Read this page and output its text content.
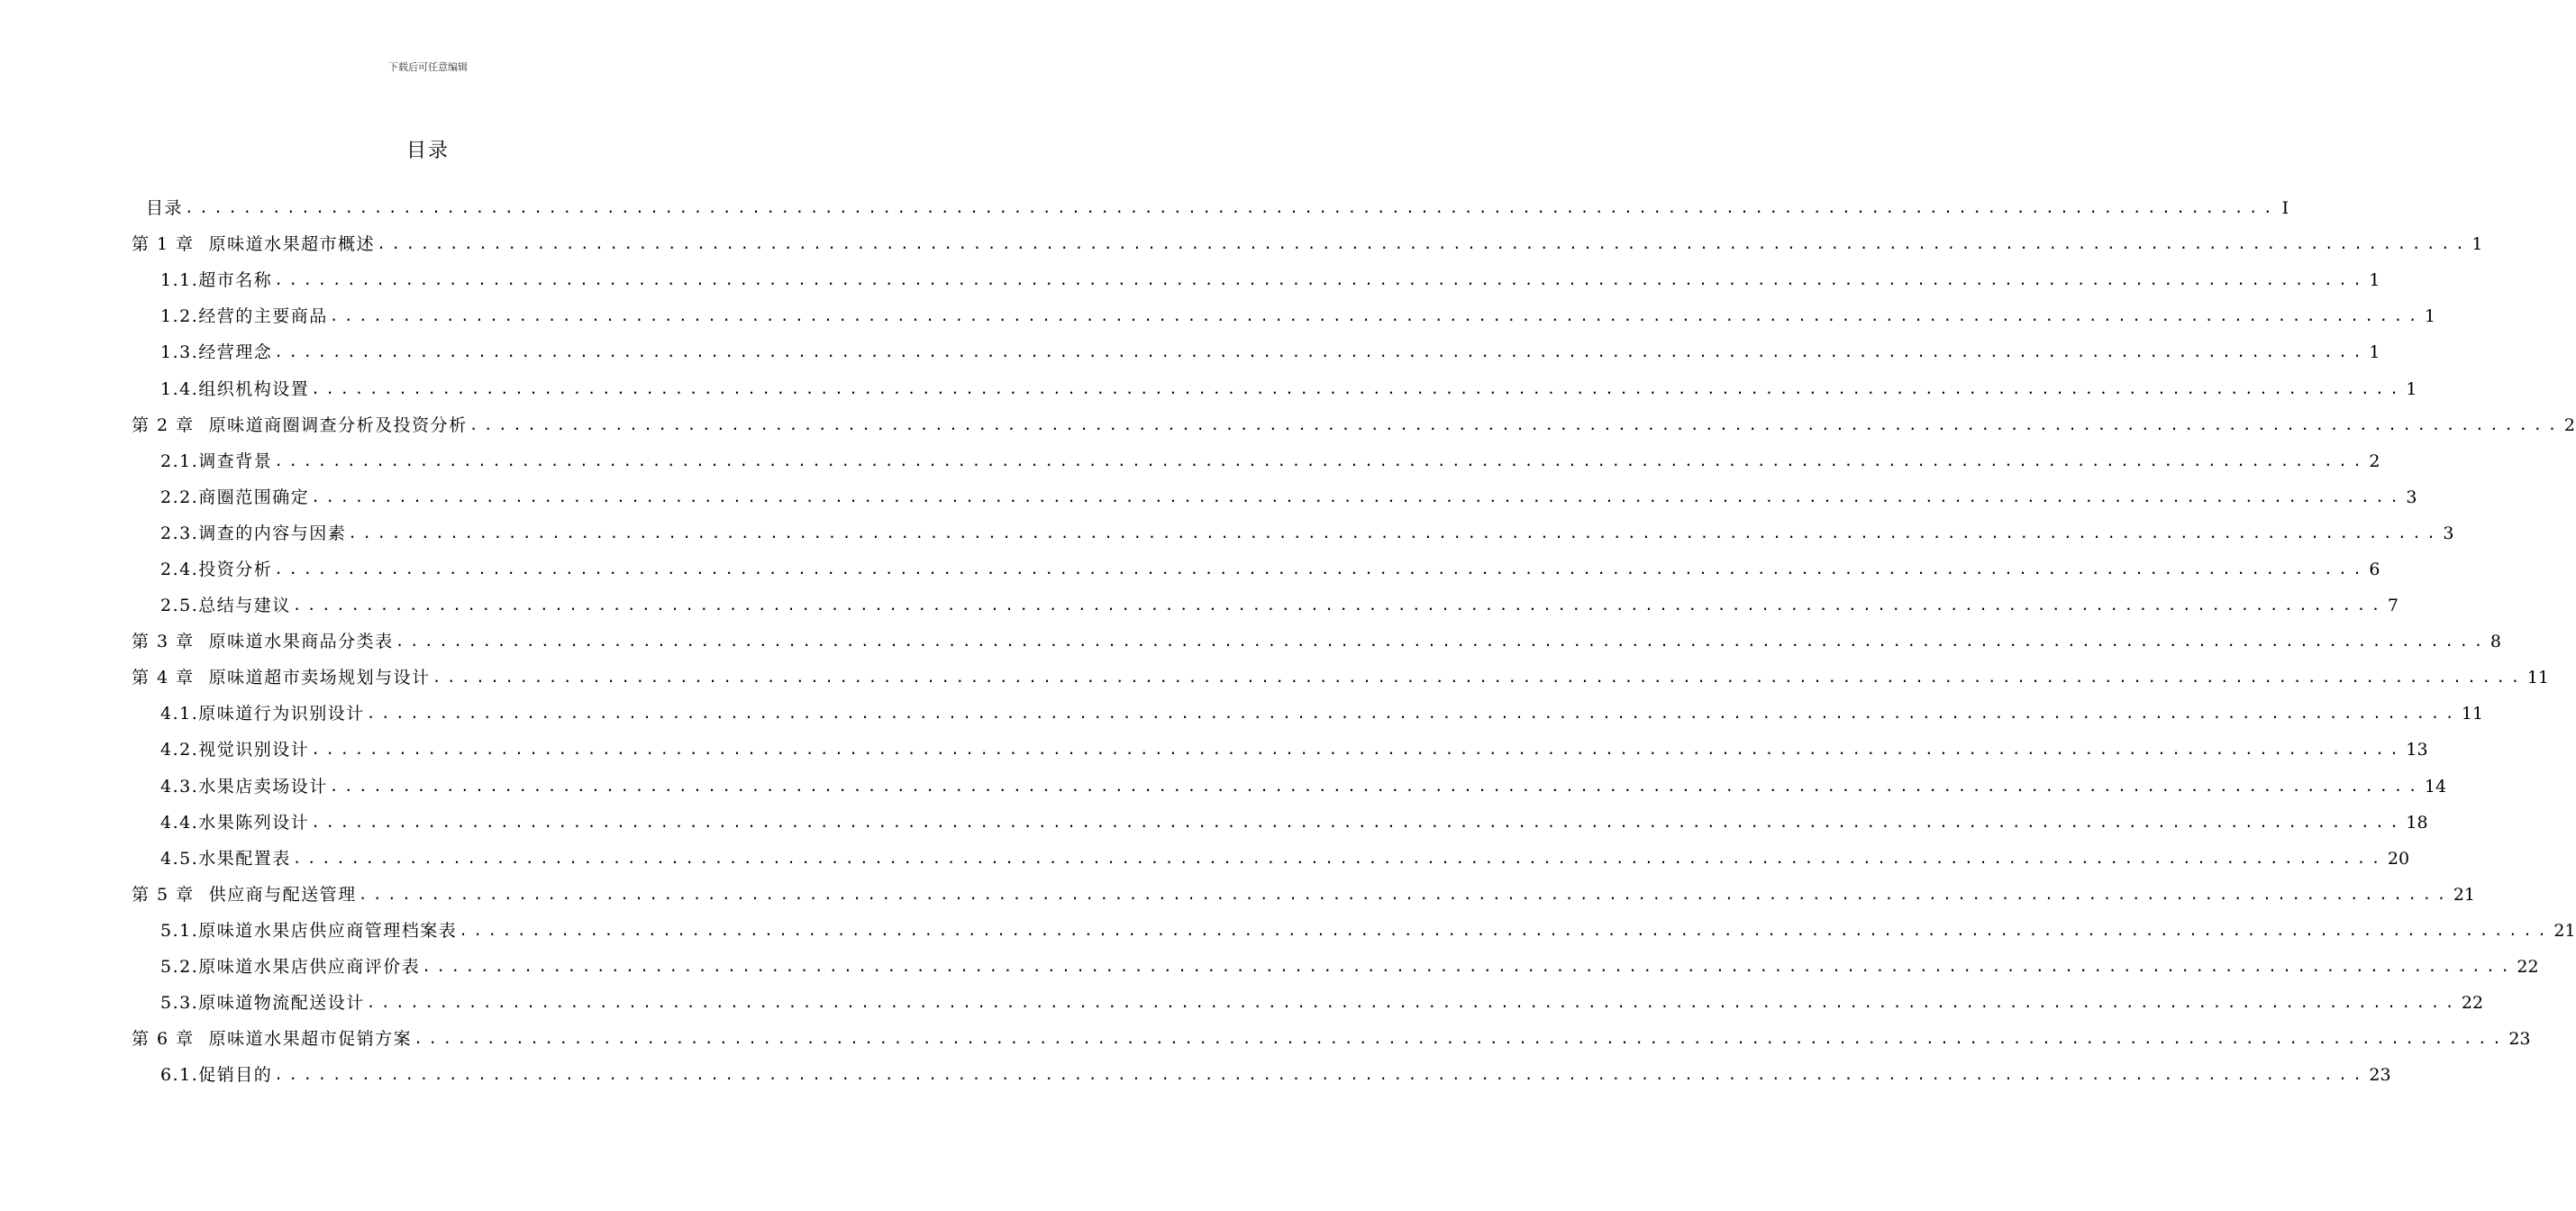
下载后可任意编辑
目录
目录 ................................................................................................................................................ I
第 1 章 原味道水果超市概述 ................................................................................................................................................ 1
1.1.超市名称 ................................................................................................................................................ 1
1.2.经营的主要商品 ................................................................................................................................................ 1
1.3.经营理念 ................................................................................................................................................ 1
1.4.组织机构设置 ................................................................................................................................................ 1
第 2 章 原味道商圈调查分析及投资分析 ................................................................................................................................................ 2
2.1.调查背景 ................................................................................................................................................ 2
2.2.商圈范围确定 ................................................................................................................................................ 3
2.3.调查的内容与因素 ................................................................................................................................................ 3
2.4.投资分析 ................................................................................................................................................ 6
2.5.总结与建议 ................................................................................................................................................ 7
第 3 章 原味道水果商品分类表 ................................................................................................................................................ 8
第 4 章 原味道超市卖场规划与设计 ................................................................................................................................................ 11
4.1.原味道行为识别设计 ................................................................................................................................................ 11
4.2.视觉识别设计 ................................................................................................................................................ 13
4.3.水果店卖场设计 ................................................................................................................................................ 14
4.4.水果陈列设计 ................................................................................................................................................ 18
4.5.水果配置表 ................................................................................................................................................ 20
第 5 章 供应商与配送管理 ................................................................................................................................................ 21
5.1.原味道水果店供应商管理档案表 ................................................................................................................................................ 21
5.2.原味道水果店供应商评价表 ................................................................................................................................................ 22
5.3.原味道物流配送设计 ................................................................................................................................................ 22
第 6 章 原味道水果超市促销方案 ................................................................................................................................................ 23
6.1.促销目的 ................................................................................................................................................ 23
